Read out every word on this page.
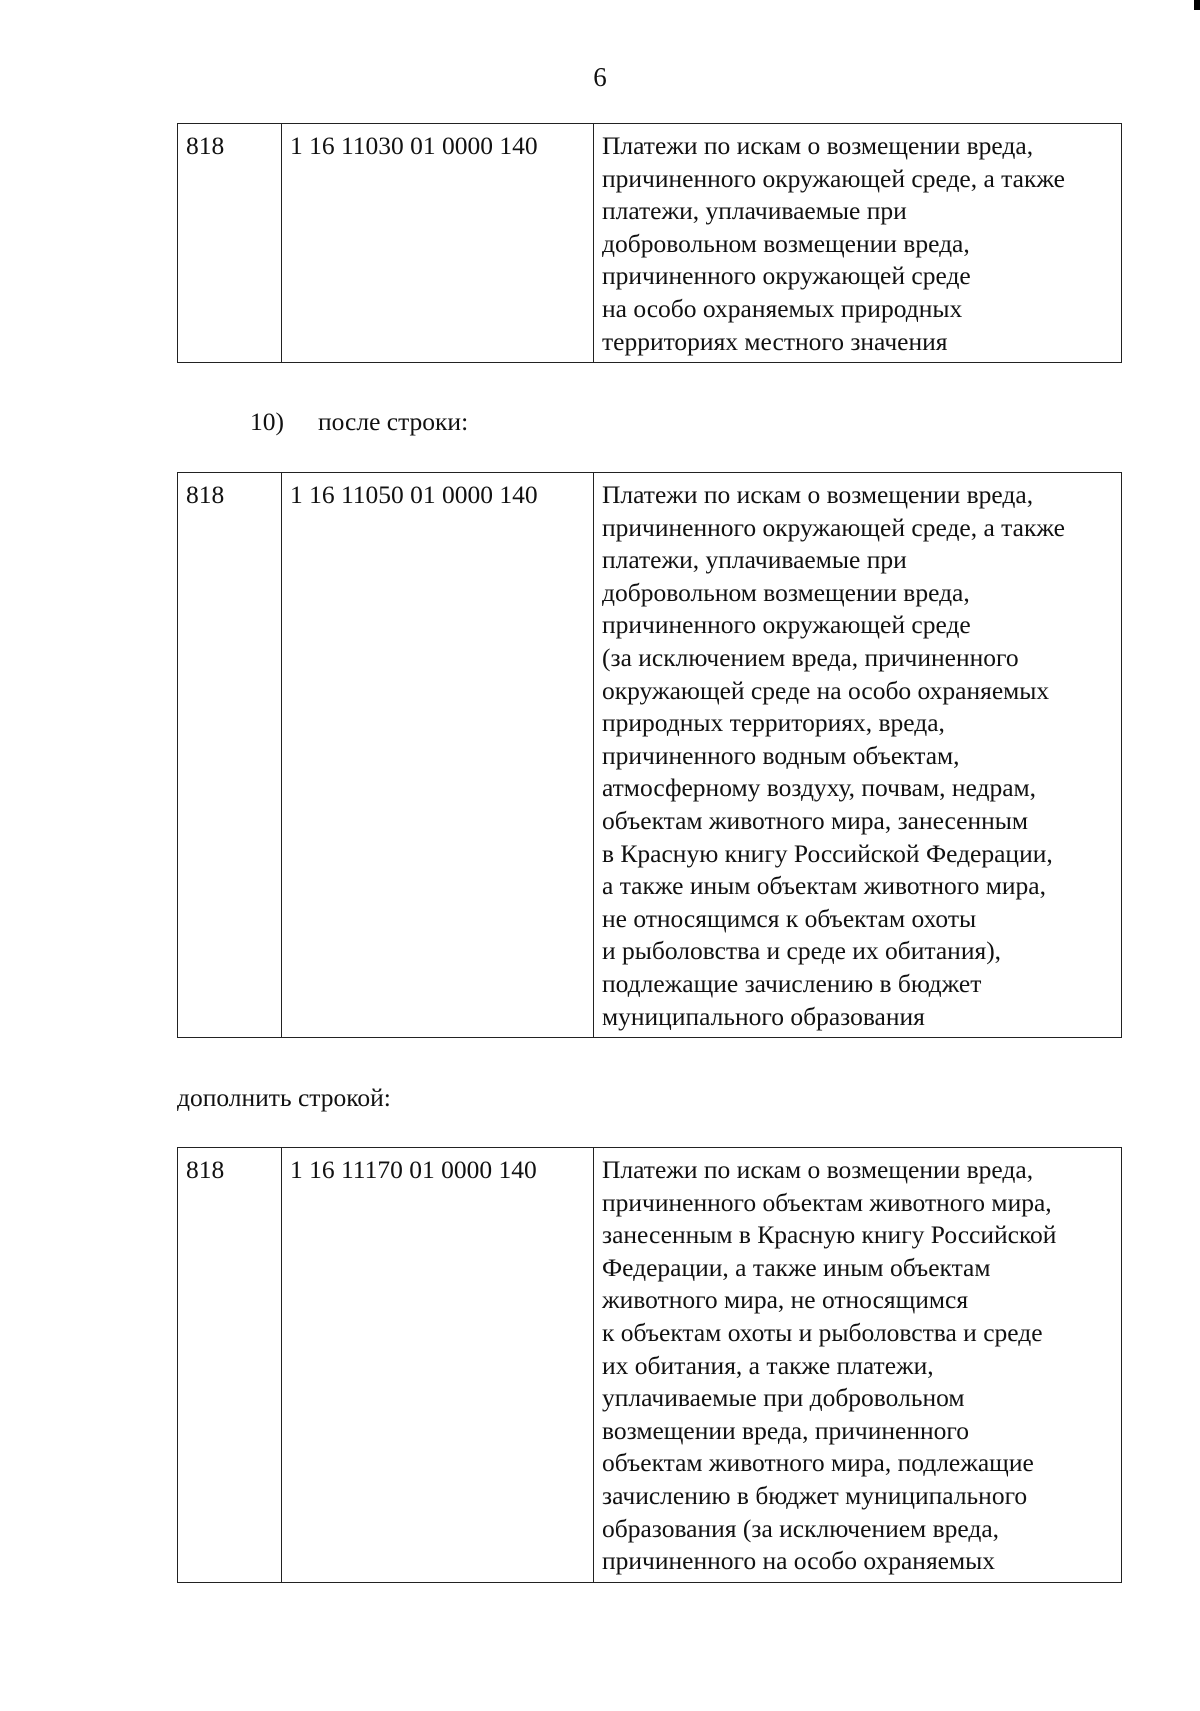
6
818	1 16 11030 01 0000 140	Платежи по искам о возмещении вреда,
причиненного окружающей среде, а также
платежи, уплачиваемые при
добровольном возмещении вреда,
причиненного окружающей среде
на особо охраняемых природных
территориях местного значения
10) после строки:
818	1 16 11050 01 0000 140	Платежи по искам о возмещении вреда,
причиненного окружающей среде, а также
платежи, уплачиваемые при
добровольном возмещении вреда,
причиненного окружающей среде
(за исключением вреда, причиненного
окружающей среде на особо охраняемых
природных территориях, вреда,
причиненного водным объектам,
атмосферному воздуху, почвам, недрам,
объектам животного мира, занесенным
в Красную книгу Российской Федерации,
а также иным объектам животного мира,
не относящимся к объектам охоты
и рыболовства и среде их обитания),
подлежащие зачислению в бюджет
муниципального образования
дополнить строкой:
818	1 16 11170 01 0000 140	Платежи по искам о возмещении вреда,
причиненного объектам животного мира,
занесенным в Красную книгу Российской
Федерации, а также иным объектам
животного мира, не относящимся
к объектам охоты и рыболовства и среде
их обитания, а также платежи,
уплачиваемые при добровольном
возмещении вреда, причиненного
объектам животного мира, подлежащие
зачислению в бюджет муниципального
образования (за исключением вреда,
причиненного на особо охраняемых
